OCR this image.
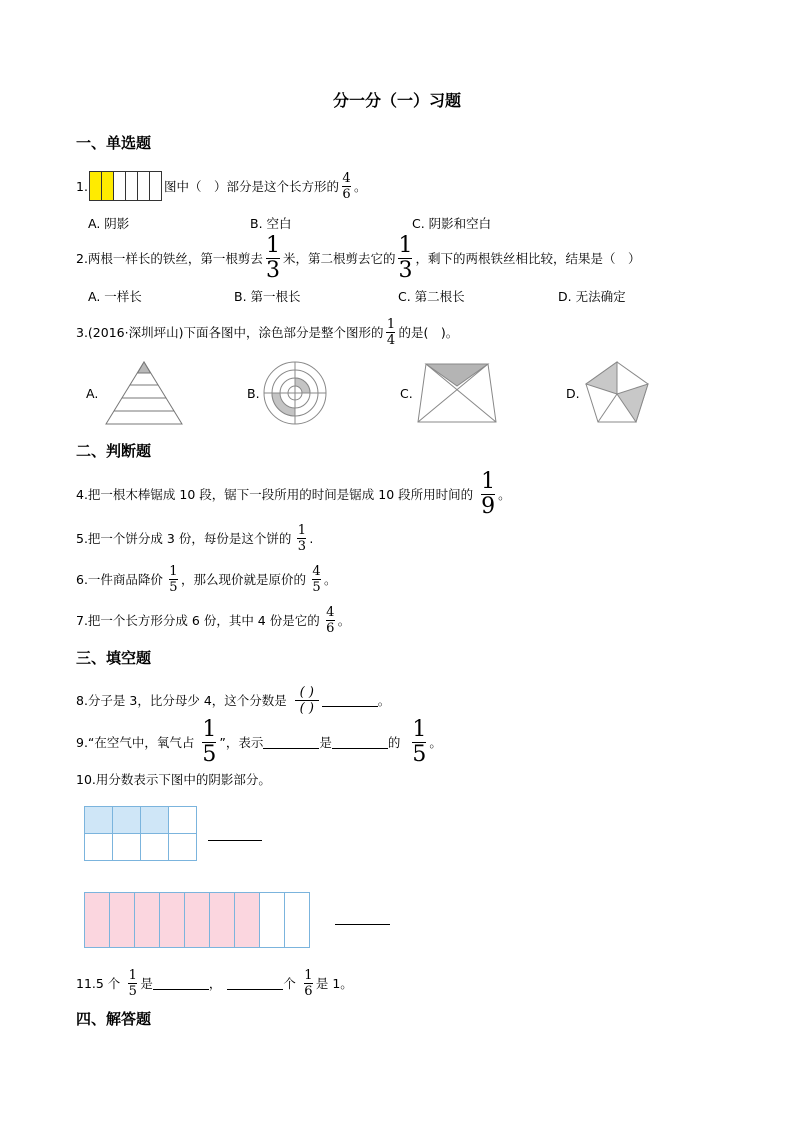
分一分（一）习题
一、单选题
1.	图中（　）部分是这个长方形的 $\frac{4}{6}$ 。
A. 阴影	B. 空白	C. 阴影和空白
2.两根一样长的铁丝，第一根剪去 $\frac{1}{3}$ 米，第二根剪去它的 $\frac{1}{3}$ ，剩下的两根铁丝相比较，结果是（　）
A. 一样长	B. 第一根长	C. 第二根长	D. 无法确定
3.(2016·深圳坪山)下面各图中，涂色部分是整个图形的 $\frac{1}{4}$ 的是(　)。
A.	B.	C.	D.
二、判断题
4.把一根木棒锯成 10 段，锯下一段所用的时间是锯成 10 段所用时间的 $\frac{1}{9}$ 。
5.把一个饼分成 3 份，每份是这个饼的 $\frac{1}{3}$ .
6.一件商品降价 $\frac{1}{5}$ ，那么现价就是原价的 $\frac{4}{5}$ 。
7.把一个长方形分成 6 份，其中 4 份是它的 $\frac{4}{6}$ 。
三、填空题
8.分子是 3，比分母少 4，这个分数是 $\frac{( )}{( )}$	。
9.“在空气中，氧气占 $\frac{1}{5}$ ”，表示	是	的 $\frac{1}{5}$ 。
10.用分数表示下图中的阴影部分。

11.5 个 $\frac{1}{5}$ 是	，	个 $\frac{1}{6}$ 是 1。
四、解答题
